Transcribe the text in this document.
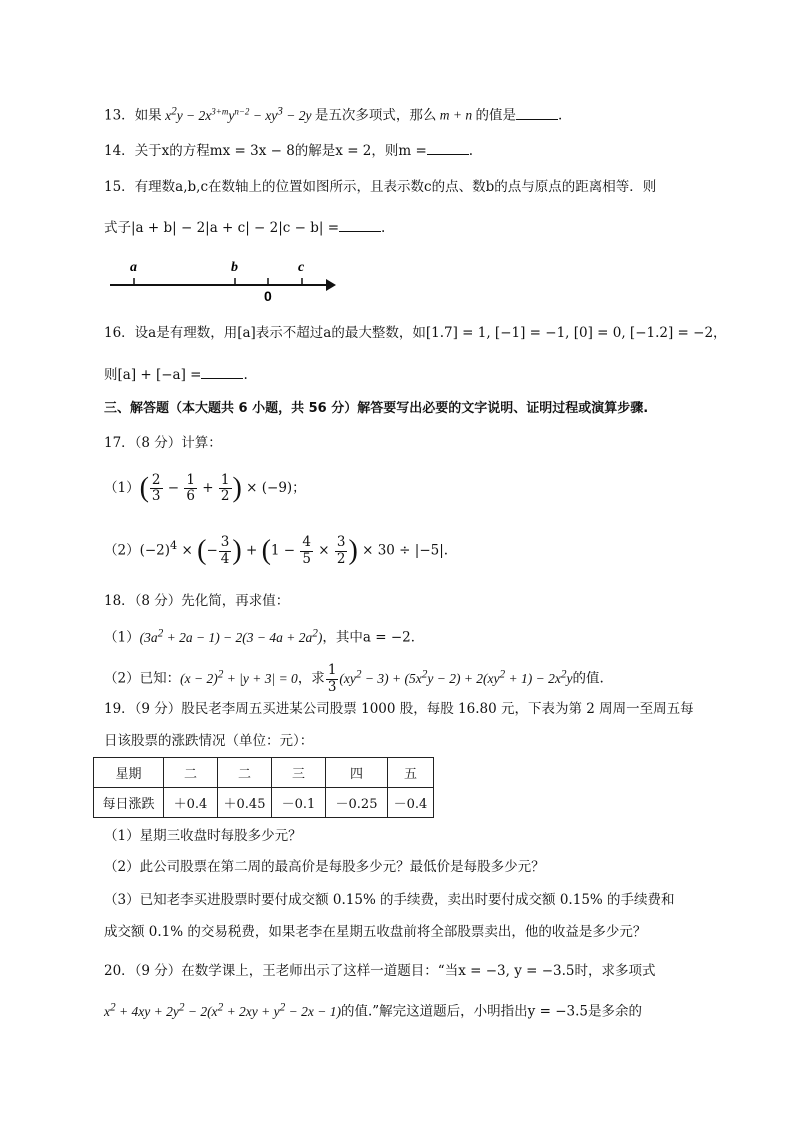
13．如果 $x^2y - 2x^{3+m}y^{n-2} - xy^3 - 2y$ 是五次多项式，那么 m + n 的值是	.
14．关于x的方程mx = 3x − 8的解是x = 2，则m =	.
15．有理数a,b,c在数轴上的位置如图所示，且表示数c的点、数b的点与原点的距离相等．则
式子|a + b| − 2|a + c| − 2|c − b| =	.
a	b	c
0
16．设a是有理数，用[a]表示不超过a的最大整数，如[1.7] = 1, [−1] = −1, [0] = 0, [−1.2] = −2，
则[a] + [−a] =	.
三、解答题（本大题共 6 小题，共 56 分）解答要写出必要的文字说明、证明过程或演算步骤.
17．（8 分）计算：
$(1)( \frac{2}{3} - \frac{1}{6} + \frac{1}{2}$ ) × (−9)；
$(2)(-2)^4$ × (− $\frac{3}{4}$ ) + ($1 - \frac{4}{5} \times \frac{3}{2}$ ) × 30 ÷ |−5|.
18．（8 分）先化简，再求值：
$(1)(3a^2 + 2a - 1) - 2(3 - 4a + 2a^2)$，其中a = −2．
（2）已知：$(x - 2)^2 + |y + 3| = 0$，求 $\frac{1}{3} (xy^2 - 3) + (5x^2y - 2) + 2(xy^2 + 1) - 2x^2y$的值.
19．（9 分）股民老李周五买进某公司股票 1000 股，每股 16.80 元，下表为第 2 周周一至周五每
日该股票的涨跌情况（单位：元）：
星期	二	二	三	四	五
每日涨跌	＋0.4	＋0.45	－0.1	－0.25	－0.4
（1）星期三收盘时每股多少元？
（2）此公司股票在第二周的最高价是每股多少元？最低价是每股多少元？
（3）已知老李买进股票时要付成交额 0.15% 的手续费，卖出时要付成交额 0.15% 的手续费和
成交额 0.1% 的交易税费，如果老李在星期五收盘前将全部股票卖出，他的收益是多少元？
20．（9 分）在数学课上，王老师出示了这样一道题目：“当x = −3, y = −3.5时，求多项式
$x^2 + 4xy + 2y^2 - 2(x^2 + 2xy + y^2 - 2x - 1)$的值.”解完这道题后，小明指出y = −3.5是多余的
